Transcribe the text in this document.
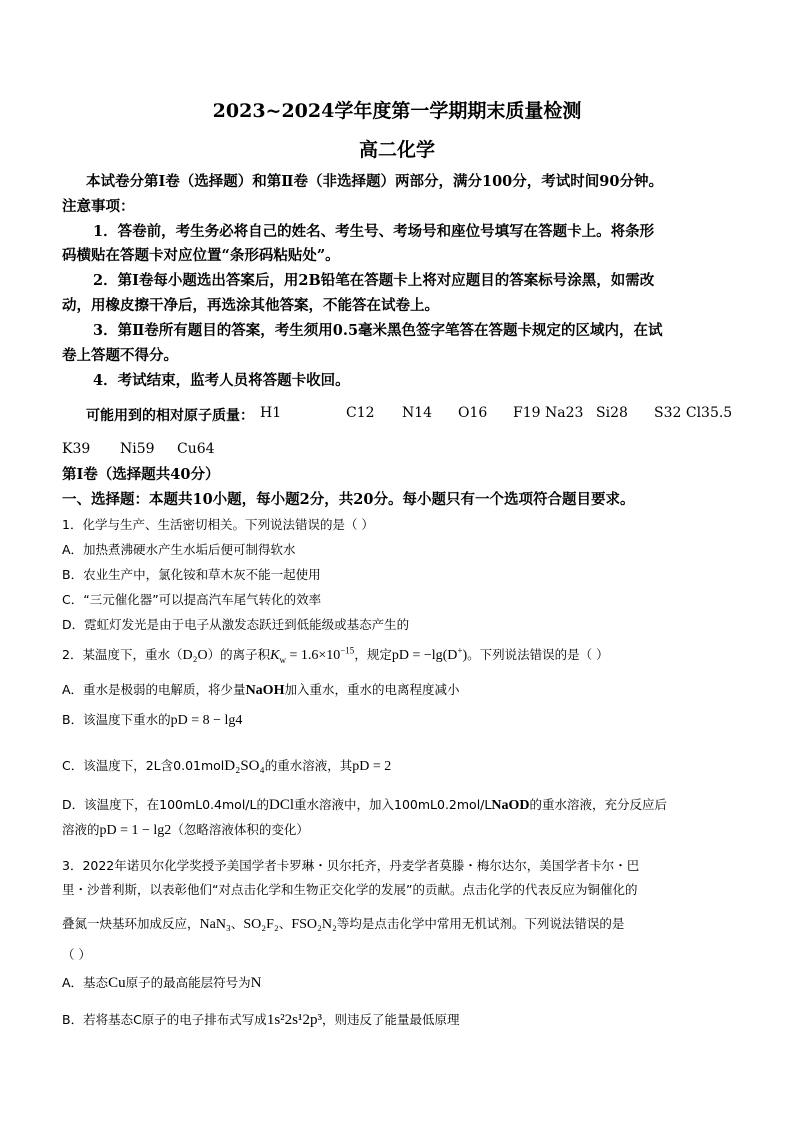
2023~2024学年度第一学期期末质量检测
高二化学
本试卷分第Ⅰ卷（选择题）和第Ⅱ卷（非选择题）两部分，满分100分，考试时间90分钟。
注意事项：
1．答卷前，考生务必将自己的姓名、考生号、考场号和座位号填写在答题卡上。将条形
码横贴在答题卡对应位置“条形码粘贴处”。
2．第Ⅰ卷每小题选出答案后，用2B铅笔在答题卡上将对应题目的答案标号涂黑，如需改
动，用橡皮擦干净后，再选涂其他答案，不能答在试卷上。
3．第Ⅱ卷所有题目的答案，考生须用0.5毫米黑色签字笔答在答题卡规定的区域内，在试
卷上答题不得分。
4．考试结束，监考人员将答题卡收回。
可能用到的相对原子质量： H1	C12 N14 O16 F19 Na23 Si28 S32 Cl35.5
K39 Ni59 Cu64
第Ⅰ卷（选择题共40分）
一、选择题：本题共10小题，每小题2分，共20分。每小题只有一个选项符合题目要求。
1．化学与生产、生活密切相关。下列说法错误的是（ ）
A．加热煮沸硬水产生水垢后便可制得软水
B．农业生产中，氯化铵和草木灰不能一起使用
C．“三元催化器”可以提高汽车尾气转化的效率
D．霓虹灯发光是由于电子从激发态跃迁到低能级或基态产生的
2．某温度下，重水（D₂O）的离子积$K_w = 1.6\times 10^{-15}$，规定pD = −lg(D+)。下列说法错误的是（ ）
A．重水是极弱的电解质，将少量NaOH加入重水，重水的电离程度减小
B．该温度下重水的pD = 8 − lg4
C．该温度下，2L含0.01molD₂SO₄的重水溶液，其pD = 2
D．该温度下，在100mL0.4mol/L的DCl重水溶液中，加入100mL0.2mol/LNaOD的重水溶液，充分反应后
溶液的pD = 1 − lg2（忽略溶液体积的变化）
3．2022年诺贝尔化学奖授予美国学者卡罗琳・贝尔托齐，丹麦学者莫滕・梅尔达尔，美国学者卡尔・巴
里・沙普利斯，以表彰他们“对点击化学和生物正交化学的发展”的贡献。点击化学的代表反应为铜催化的
叠氮一炔基环加成反应，NaN₃、SO₂F₂、FSO₂N₂等均是点击化学中常用无机试剂。下列说法错误的是
（ ）
A．基态Cu原子的最高能层符号为N
B．若将基态C原子的电子排布式写成1s²2s¹2p³，则违反了能量最低原理
